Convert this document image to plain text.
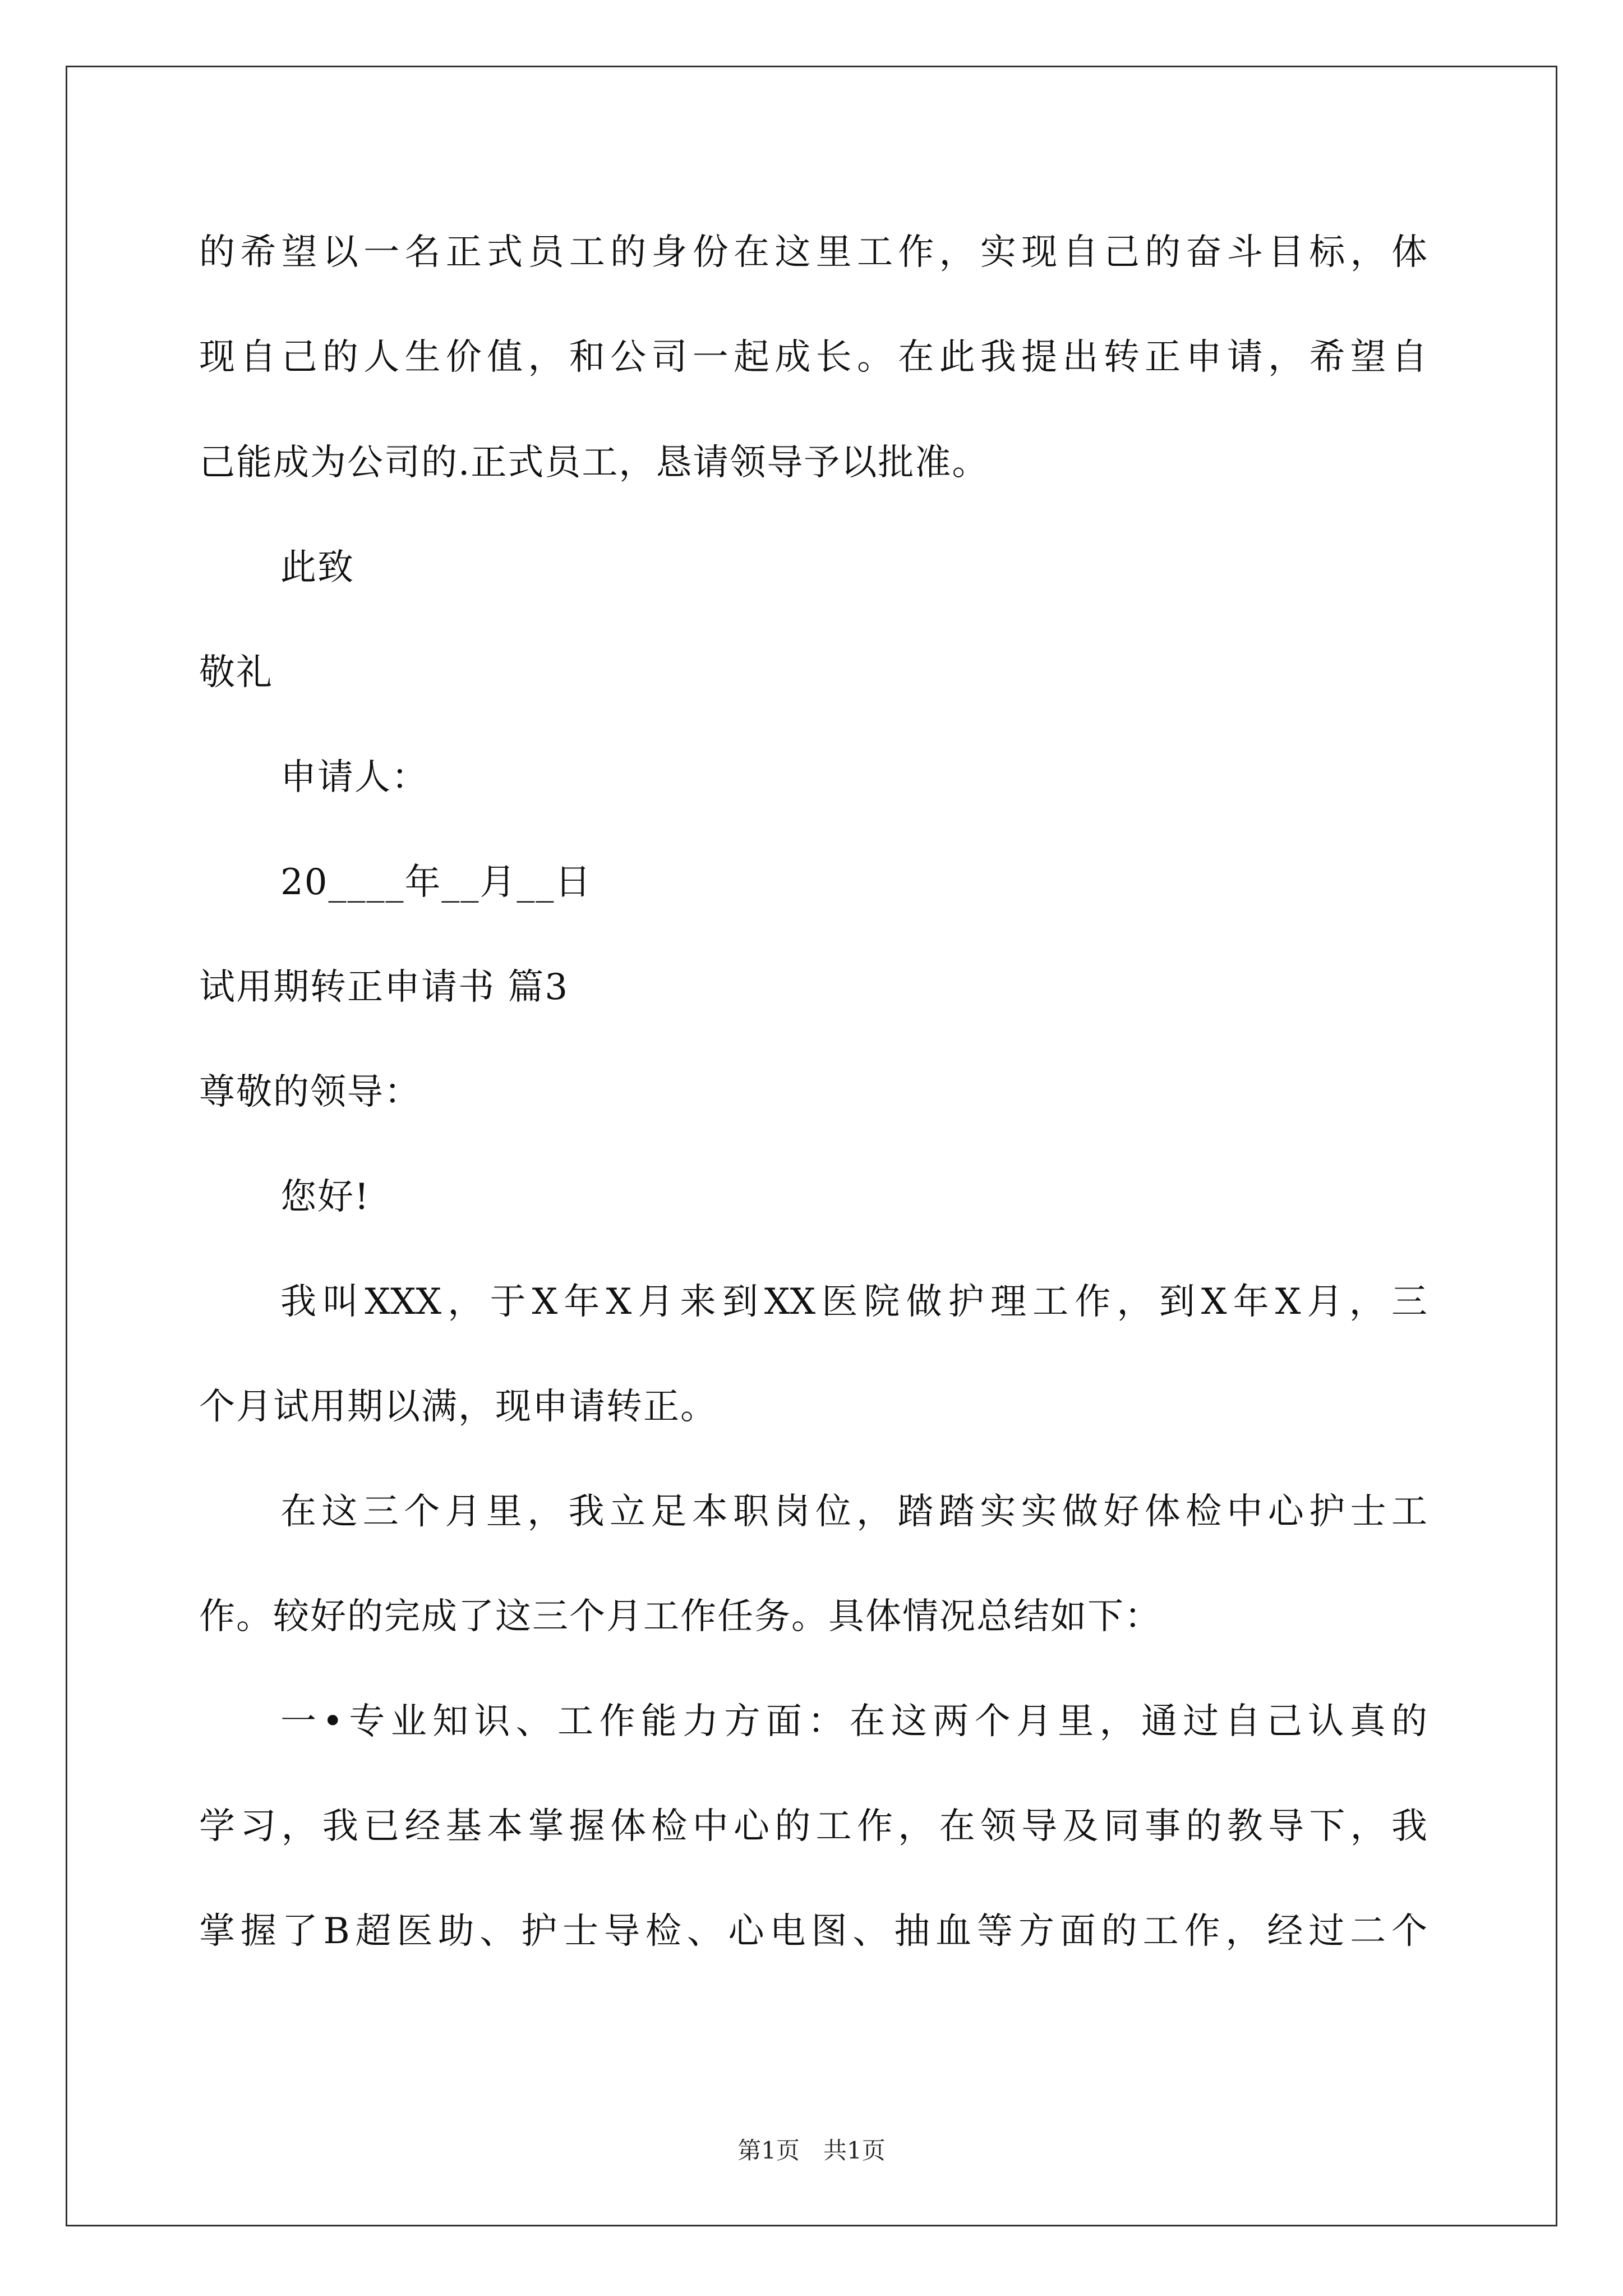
的希望以一名正式员工的身份在这里工作，实现自己的奋斗目标，体
现自己的人生价值，和公司一起成长。在此我提出转正申请，希望自
己能成为公司的.正式员工，恳请领导予以批准。
此致
敬礼
申请人：
20____年__月__日
试用期转正申请书 篇3
尊敬的领导：
您好!
我叫XXX，于X年X月来到XX医院做护理工作，到X年X月，三
个月试用期以满，现申请转正。
在这三个月里，我立足本职岗位，踏踏实实做好体检中心护士工
作。较好的完成了这三个月工作任务。具体情况总结如下：
一•专业知识、工作能力方面：在这两个月里，通过自己认真的
学习，我已经基本掌握体检中心的工作，在领导及同事的教导下，我
掌握了B超医助、护士导检、心电图、抽血等方面的工作，经过二个
第1页　共1页
